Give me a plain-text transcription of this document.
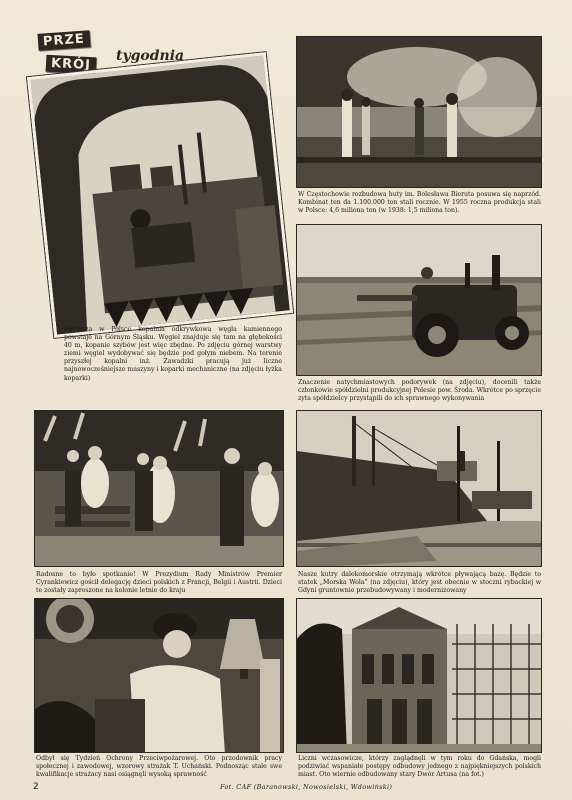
PRZE
KRÓJ	tygodnia
Pierwsza w Polsce kopalnia odkrywkowa węgla kamiennego powstaje na Górnym Śląsku. Węgiel znajduje się tam na głębokości 40 m, kopanie szybów jest więc zbędne. Po zdjęciu górnej warstwy ziemi węgiel wydobywać się będzie pod gołym niebem. Na terenie przyszłej kopalni inż. Zawadzki pracują już liczne najnowocześniejsze maszyny i koparki mechaniczne (na zdjęciu łyżka koparki)
W Częstochowie rozbudowa huty im. Bolesława Bieruta posuwa się naprzód. Kombinat ten da 1.100.000 ton stali rocznie. W 1955 roczna produkcja stali w Polsce: 4,6 miliona ton (w 1938: 1,5 miliona ton).
Znaczenie natychmiastowych podorywek (na zdjęciu), docenili także członkowie spółdzielni produkcyjnej Polesie pow. Środa. Wkrótce po sprzęcie zyta spółdzielcy przystąpili do ich sprawnego wykonywania
Radosne to było spotkanie! W Prezydium Rady Ministrów Premier Cyrankiewicz gościł delegację dzieci polskich z Francji, Belgii i Austrii. Dzieci te zostały zaproszone na kolonie letnie do kraju
Nasze kutry dalekomorskie otrzymają wkrótce pływającą bazę. Będzie to statek „Morska Wola” (na zdjęciu), który jest obecnie w stoczni rybackiej w Gdyni gruntownie przebudowywany i modernizowany
Odbył się Tydzień Ochrony Przeciwpożarowej. Oto przodownik pracy społecznej i zawodowej, wzorowy strażak T. Uchański. Podnosząc stale swe kwalifikacje strażacy nasi osiągnęli wysoką sprawność
Liczni wczasowicze, którzy zaglądnęli w tym roku do Gdańska, mogli podziwiać wspaniałe postępy odbudowy jednego z najpiękniejszych polskich miast. Oto wiernie odbudowany stary Dwór Artusa (na fot.)
2	Fot. CAF (Baranowski, Nowosielski, Wdowiński)
